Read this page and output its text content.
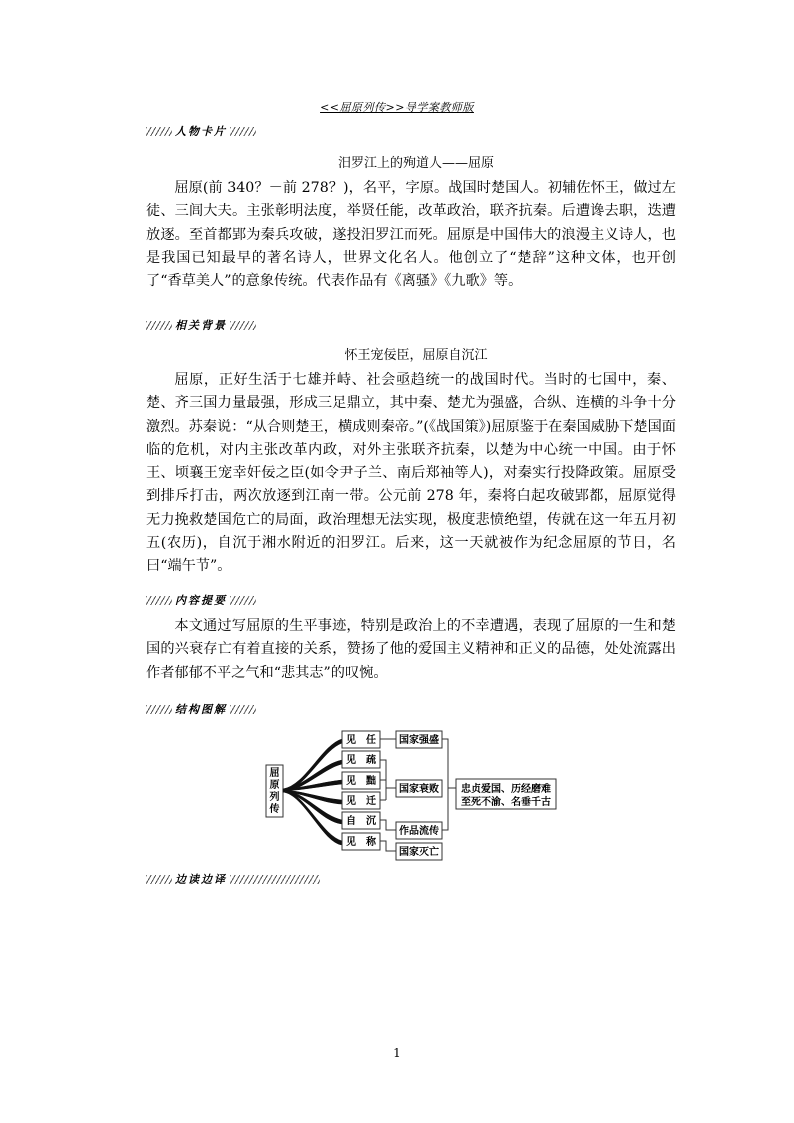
<<屈原列传>>导学案教师版
人物卡片
汨罗江上的殉道人——屈原

屈原(前 340？－前 278？)，名平，字原。战国时楚国人。初辅佐怀王，做过左徒、三闾大夫。主张彰明法度，举贤任能，改革政治，联齐抗秦。后遭谗去职，迭遭放逐。至首都郢为秦兵攻破，遂投汨罗江而死。屈原是中国伟大的浪漫主义诗人，也是我国已知最早的著名诗人，世界文化名人。他创立了“楚辞”这种文体，也开创了“香草美人”的意象传统。代表作品有《离骚》《九歌》等。

相关背景
怀王宠佞臣，屈原自沉江

屈原，正好生活于七雄并峙、社会亟趋统一的战国时代。当时的七国中，秦、楚、齐三国力量最强，形成三足鼎立，其中秦、楚尤为强盛，合纵、连横的斗争十分激烈。苏秦说：“从合则楚王，横成则秦帝。”(《战国策》)屈原鉴于在秦国威胁下楚国面临的危机，对内主张改革内政，对外主张联齐抗秦，以楚为中心统一中国。由于怀王、顷襄王宠幸奸佞之臣(如令尹子兰、南后郑袖等人)，对秦实行投降政策。屈原受到排斥打击，两次放逐到江南一带。公元前 278 年，秦将白起攻破郢都，屈原觉得无力挽救楚国危亡的局面，政治理想无法实现，极度悲愤绝望，传就在这一年五月初五(农历)，自沉于湘水附近的汨罗江。后来，这一天就被作为纪念屈原的节日，名曰“端午节”。

内容提要

本文通过写屈原的生平事迹，特别是政治上的不幸遭遇，表现了屈原的一生和楚国的兴衰存亡有着直接的关系，赞扬了他的爱国主义精神和正义的品德，处处流露出作者郁郁不平之气和“悲其志”的叹惋。

结构图解
屈原列传
见　任
见　疏
见　黜
见　迁
自　沉
见　称
国家强盛
国家衰败
作品流传
国家灭亡
忠贞爱国、历经磨难
至死不渝、名垂千古
边读边译
1
